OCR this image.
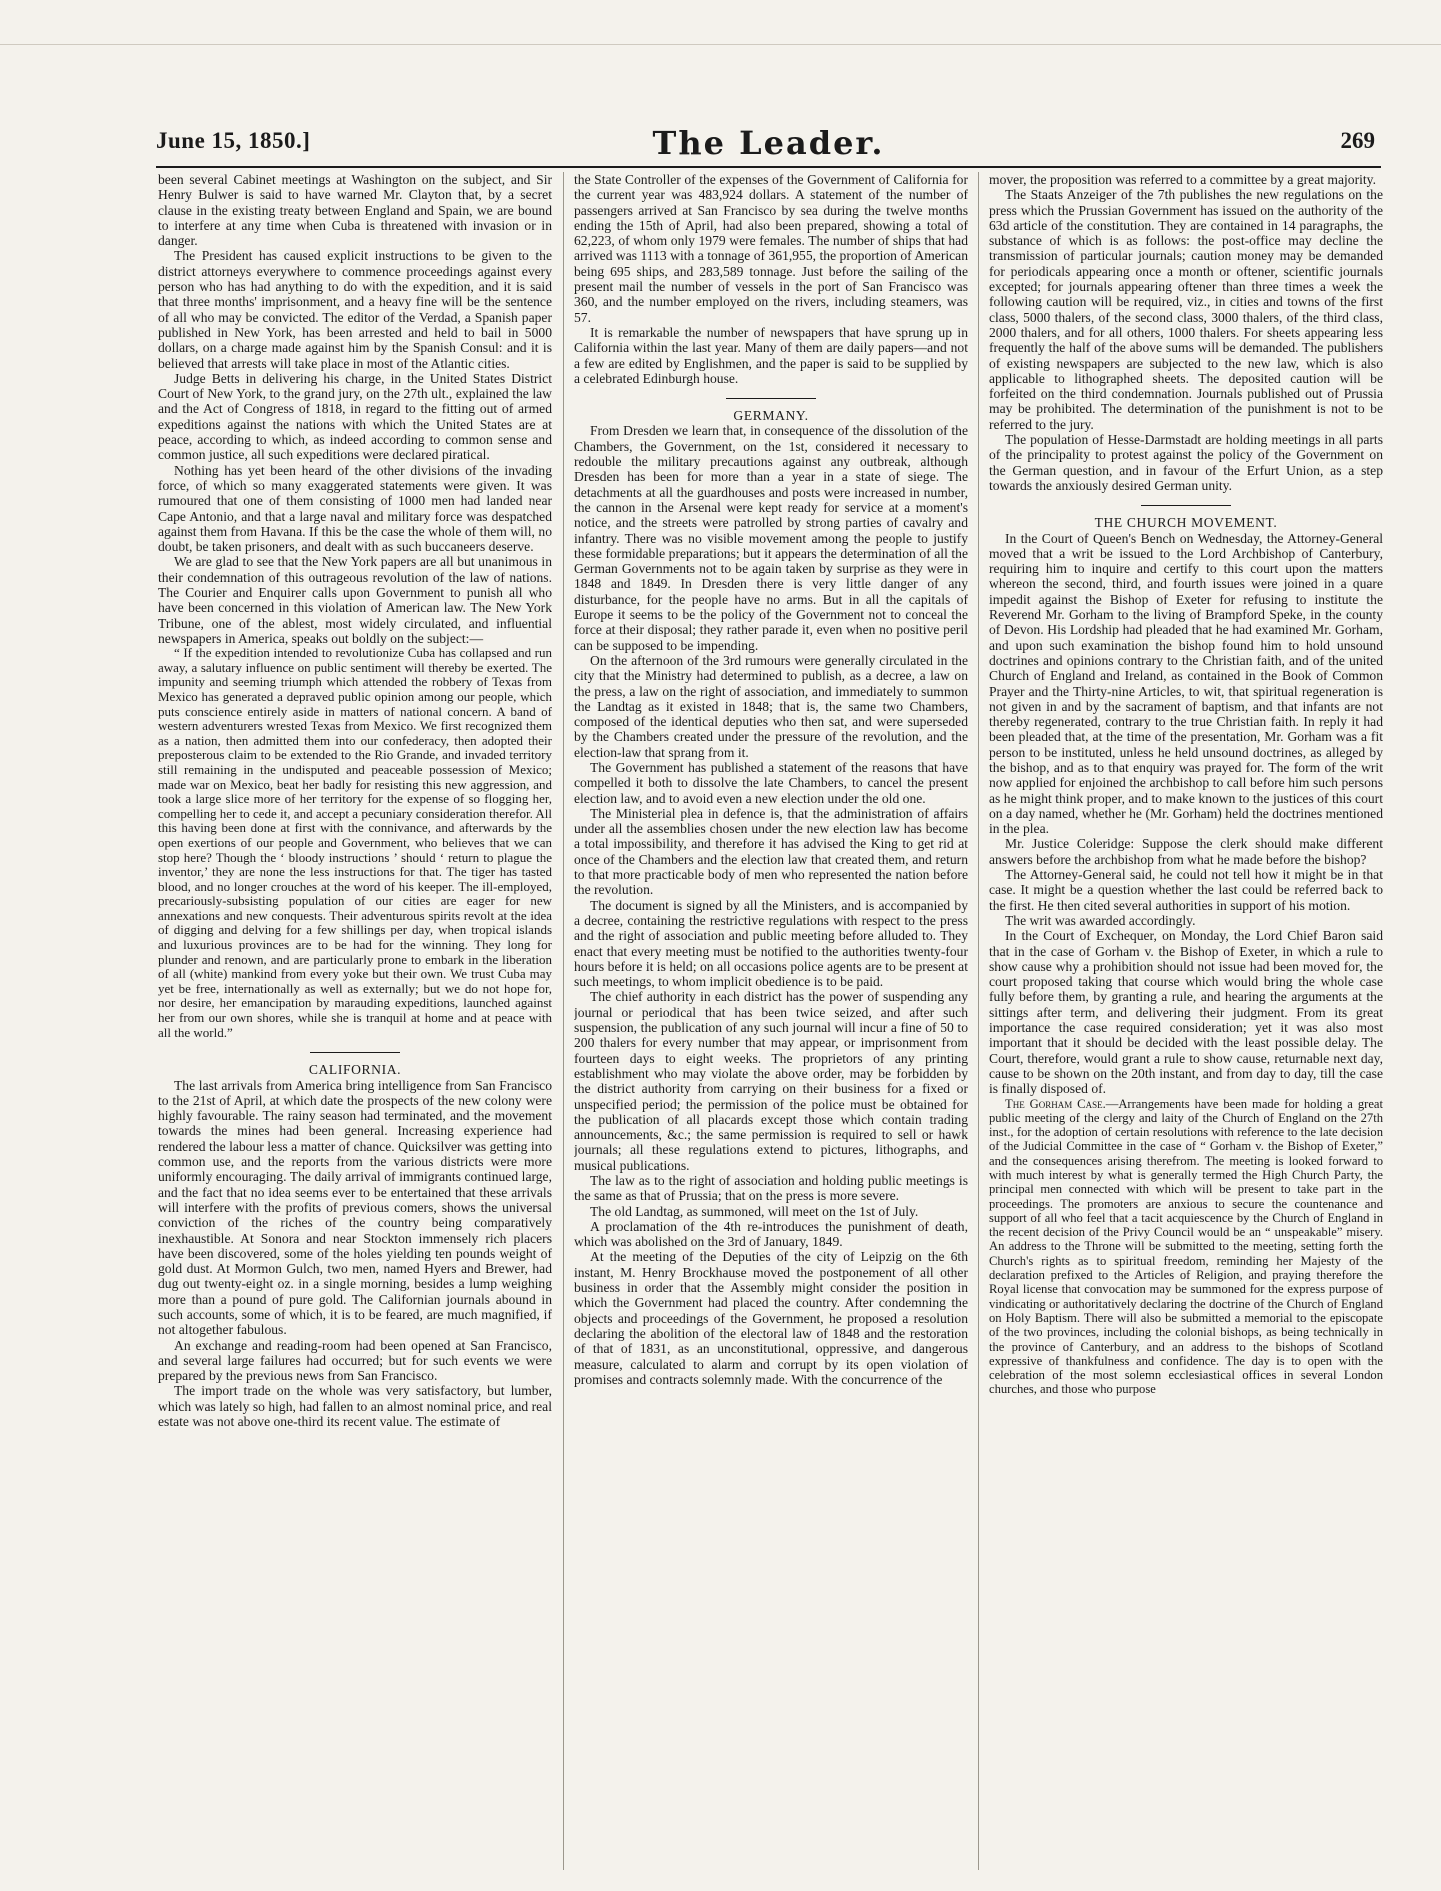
June 15, 1850.]	The Leader.	269

been several Cabinet meetings at Washington on the subject, and Sir Henry Bulwer is said to have warned Mr. Clayton that, by a secret clause in the existing treaty between England and Spain, we are bound to interfere at any time when Cuba is threatened with invasion or in danger.

The President has caused explicit instructions to be given to the district attorneys everywhere to commence proceedings against every person who has had anything to do with the expedition, and it is said that three months' imprisonment, and a heavy fine will be the sentence of all who may be convicted. The editor of the Verdad, a Spanish paper published in New York, has been arrested and held to bail in 5000 dollars, on a charge made against him by the Spanish Consul: and it is believed that arrests will take place in most of the Atlantic cities.

Judge Betts in delivering his charge, in the United States District Court of New York, to the grand jury, on the 27th ult., explained the law and the Act of Congress of 1818, in regard to the fitting out of armed expeditions against the nations with which the United States are at peace, according to which, as indeed according to common sense and common justice, all such expeditions were declared piratical.

Nothing has yet been heard of the other divisions of the invading force, of which so many exaggerated statements were given. It was rumoured that one of them consisting of 1000 men had landed near Cape Antonio, and that a large naval and military force was despatched against them from Havana. If this be the case the whole of them will, no doubt, be taken prisoners, and dealt with as such buccaneers deserve.

We are glad to see that the New York papers are all but unanimous in their condemnation of this outrageous revolution of the law of nations. The Courier and Enquirer calls upon Government to punish all who have been concerned in this violation of American law. The New York Tribune, one of the ablest, most widely circulated, and influential newspapers in America, speaks out boldly on the subject:—

“ If the expedition intended to revolutionize Cuba has collapsed and run away, a salutary influence on public sentiment will thereby be exerted. The impunity and seeming triumph which attended the robbery of Texas from Mexico has generated a depraved public opinion among our people, which puts conscience entirely aside in matters of national concern. A band of western adventurers wrested Texas from Mexico. We first recognized them as a nation, then admitted them into our confederacy, then adopted their preposterous claim to be extended to the Rio Grande, and invaded territory still remaining in the undisputed and peaceable possession of Mexico; made war on Mexico, beat her badly for resisting this new aggression, and took a large slice more of her territory for the expense of so flogging her, compelling her to cede it, and accept a pecuniary consideration therefor. All this having been done at first with the connivance, and afterwards by the open exertions of our people and Government, who believes that we can stop here? Though the ‘ bloody instructions ’ should ‘ return to plague the inventor,’ they are none the less instructions for that. The tiger has tasted blood, and no longer crouches at the word of his keeper. The ill-employed, precariously-subsisting population of our cities are eager for new annexations and new conquests. Their adventurous spirits revolt at the idea of digging and delving for a few shillings per day, when tropical islands and luxurious provinces are to be had for the winning. They long for plunder and renown, and are particularly prone to embark in the liberation of all (white) mankind from every yoke but their own. We trust Cuba may yet be free, internationally as well as externally; but we do not hope for, nor desire, her emancipation by marauding expeditions, launched against her from our own shores, while she is tranquil at home and at peace with all the world.”

CALIFORNIA.

The last arrivals from America bring intelligence from San Francisco to the 21st of April, at which date the prospects of the new colony were highly favourable. The rainy season had terminated, and the movement towards the mines had been general. Increasing experience had rendered the labour less a matter of chance. Quicksilver was getting into common use, and the reports from the various districts were more uniformly encouraging. The daily arrival of immigrants continued large, and the fact that no idea seems ever to be entertained that these arrivals will interfere with the profits of previous comers, shows the universal conviction of the riches of the country being comparatively inexhaustible. At Sonora and near Stockton immensely rich placers have been discovered, some of the holes yielding ten pounds weight of gold dust. At Mormon Gulch, two men, named Hyers and Brewer, had dug out twenty-eight oz. in a single morning, besides a lump weighing more than a pound of pure gold. The Californian journals abound in such accounts, some of which, it is to be feared, are much magnified, if not altogether fabulous.

An exchange and reading-room had been opened at San Francisco, and several large failures had occurred; but for such events we were prepared by the previous news from San Francisco.

The import trade on the whole was very satisfactory, but lumber, which was lately so high, had fallen to an almost nominal price, and real estate was not above one-third its recent value. The estimate of

the State Controller of the expenses of the Government of California for the current year was 483,924 dollars. A statement of the number of passengers arrived at San Francisco by sea during the twelve months ending the 15th of April, had also been prepared, showing a total of 62,223, of whom only 1979 were females. The number of ships that had arrived was 1113 with a tonnage of 361,955, the proportion of American being 695 ships, and 283,589 tonnage. Just before the sailing of the present mail the number of vessels in the port of San Francisco was 360, and the number employed on the rivers, including steamers, was 57.

It is remarkable the number of newspapers that have sprung up in California within the last year. Many of them are daily papers—and not a few are edited by Englishmen, and the paper is said to be supplied by a celebrated Edinburgh house.

GERMANY.

From Dresden we learn that, in consequence of the dissolution of the Chambers, the Government, on the 1st, considered it necessary to redouble the military precautions against any outbreak, although Dresden has been for more than a year in a state of siege. The detachments at all the guardhouses and posts were increased in number, the cannon in the Arsenal were kept ready for service at a moment's notice, and the streets were patrolled by strong parties of cavalry and infantry. There was no visible movement among the people to justify these formidable preparations; but it appears the determination of all the German Governments not to be again taken by surprise as they were in 1848 and 1849. In Dresden there is very little danger of any disturbance, for the people have no arms. But in all the capitals of Europe it seems to be the policy of the Government not to conceal the force at their disposal; they rather parade it, even when no positive peril can be supposed to be impending.

On the afternoon of the 3rd rumours were generally circulated in the city that the Ministry had determined to publish, as a decree, a law on the press, a law on the right of association, and immediately to summon the Landtag as it existed in 1848; that is, the same two Chambers, composed of the identical deputies who then sat, and were superseded by the Chambers created under the pressure of the revolution, and the election-law that sprang from it.

The Government has published a statement of the reasons that have compelled it both to dissolve the late Chambers, to cancel the present election law, and to avoid even a new election under the old one.

The Ministerial plea in defence is, that the administration of affairs under all the assemblies chosen under the new election law has become a total impossibility, and therefore it has advised the King to get rid at once of the Chambers and the election law that created them, and return to that more practicable body of men who represented the nation before the revolution.

The document is signed by all the Ministers, and is accompanied by a decree, containing the restrictive regulations with respect to the press and the right of association and public meeting before alluded to. They enact that every meeting must be notified to the authorities twenty-four hours before it is held; on all occasions police agents are to be present at such meetings, to whom implicit obedience is to be paid.

The chief authority in each district has the power of suspending any journal or periodical that has been twice seized, and after such suspension, the publication of any such journal will incur a fine of 50 to 200 thalers for every number that may appear, or imprisonment from fourteen days to eight weeks. The proprietors of any printing establishment who may violate the above order, may be forbidden by the district authority from carrying on their business for a fixed or unspecified period; the permission of the police must be obtained for the publication of all placards except those which contain trading announcements, &c.; the same permission is required to sell or hawk journals; all these regulations extend to pictures, lithographs, and musical publications.

The law as to the right of association and holding public meetings is the same as that of Prussia; that on the press is more severe.

The old Landtag, as summoned, will meet on the 1st of July.

A proclamation of the 4th re-introduces the punishment of death, which was abolished on the 3rd of January, 1849.

At the meeting of the Deputies of the city of Leipzig on the 6th instant, M. Henry Brockhause moved the postponement of all other business in order that the Assembly might consider the position in which the Government had placed the country. After condemning the objects and proceedings of the Government, he proposed a resolution declaring the abolition of the electoral law of 1848 and the restoration of that of 1831, as an unconstitutional, oppressive, and dangerous measure, calculated to alarm and corrupt by its open violation of promises and contracts solemnly made. With the concurrence of the

mover, the proposition was referred to a committee by a great majority.

The Staats Anzeiger of the 7th publishes the new regulations on the press which the Prussian Government has issued on the authority of the 63d article of the constitution. They are contained in 14 paragraphs, the substance of which is as follows: the post-office may decline the transmission of particular journals; caution money may be demanded for periodicals appearing once a month or oftener, scientific journals excepted; for journals appearing oftener than three times a week the following caution will be required, viz., in cities and towns of the first class, 5000 thalers, of the second class, 3000 thalers, of the third class, 2000 thalers, and for all others, 1000 thalers. For sheets appearing less frequently the half of the above sums will be demanded. The publishers of existing newspapers are subjected to the new law, which is also applicable to lithographed sheets. The deposited caution will be forfeited on the third condemnation. Journals published out of Prussia may be prohibited. The determination of the punishment is not to be referred to the jury.

The population of Hesse-Darmstadt are holding meetings in all parts of the principality to protest against the policy of the Government on the German question, and in favour of the Erfurt Union, as a step towards the anxiously desired German unity.

THE CHURCH MOVEMENT.

In the Court of Queen's Bench on Wednesday, the Attorney-General moved that a writ be issued to the Lord Archbishop of Canterbury, requiring him to inquire and certify to this court upon the matters whereon the second, third, and fourth issues were joined in a quare impedit against the Bishop of Exeter for refusing to institute the Reverend Mr. Gorham to the living of Brampford Speke, in the county of Devon. His Lordship had pleaded that he had examined Mr. Gorham, and upon such examination the bishop found him to hold unsound doctrines and opinions contrary to the Christian faith, and of the united Church of England and Ireland, as contained in the Book of Common Prayer and the Thirty-nine Articles, to wit, that spiritual regeneration is not given in and by the sacrament of baptism, and that infants are not thereby regenerated, contrary to the true Christian faith. In reply it had been pleaded that, at the time of the presentation, Mr. Gorham was a fit person to be instituted, unless he held unsound doctrines, as alleged by the bishop, and as to that enquiry was prayed for. The form of the writ now applied for enjoined the archbishop to call before him such persons as he might think proper, and to make known to the justices of this court on a day named, whether he (Mr. Gorham) held the doctrines mentioned in the plea.

Mr. Justice Coleridge: Suppose the clerk should make different answers before the archbishop from what he made before the bishop?

The Attorney-General said, he could not tell how it might be in that case. It might be a question whether the last could be referred back to the first. He then cited several authorities in support of his motion.

The writ was awarded accordingly.

In the Court of Exchequer, on Monday, the Lord Chief Baron said that in the case of Gorham v. the Bishop of Exeter, in which a rule to show cause why a prohibition should not issue had been moved for, the court proposed taking that course which would bring the whole case fully before them, by granting a rule, and hearing the arguments at the sittings after term, and delivering their judgment. From its great importance the case required consideration; yet it was also most important that it should be decided with the least possible delay. The Court, therefore, would grant a rule to show cause, returnable next day, cause to be shown on the 20th instant, and from day to day, till the case is finally disposed of.

The Gorham Case.—Arrangements have been made for holding a great public meeting of the clergy and laity of the Church of England on the 27th inst., for the adoption of certain resolutions with reference to the late decision of the Judicial Committee in the case of “ Gorham v. the Bishop of Exeter,” and the consequences arising therefrom. The meeting is looked forward to with much interest by what is generally termed the High Church Party, the principal men connected with which will be present to take part in the proceedings. The promoters are anxious to secure the countenance and support of all who feel that a tacit acquiescence by the Church of England in the recent decision of the Privy Council would be an “ unspeakable” misery. An address to the Throne will be submitted to the meeting, setting forth the Church's rights as to spiritual freedom, reminding her Majesty of the declaration prefixed to the Articles of Religion, and praying therefore the Royal license that convocation may be summoned for the express purpose of vindicating or authoritatively declaring the doctrine of the Church of England on Holy Baptism. There will also be submitted a memorial to the episcopate of the two provinces, including the colonial bishops, as being technically in the province of Canterbury, and an address to the bishops of Scotland expressive of thankfulness and confidence. The day is to open with the celebration of the most solemn ecclesiastical offices in several London churches, and those who purpose
